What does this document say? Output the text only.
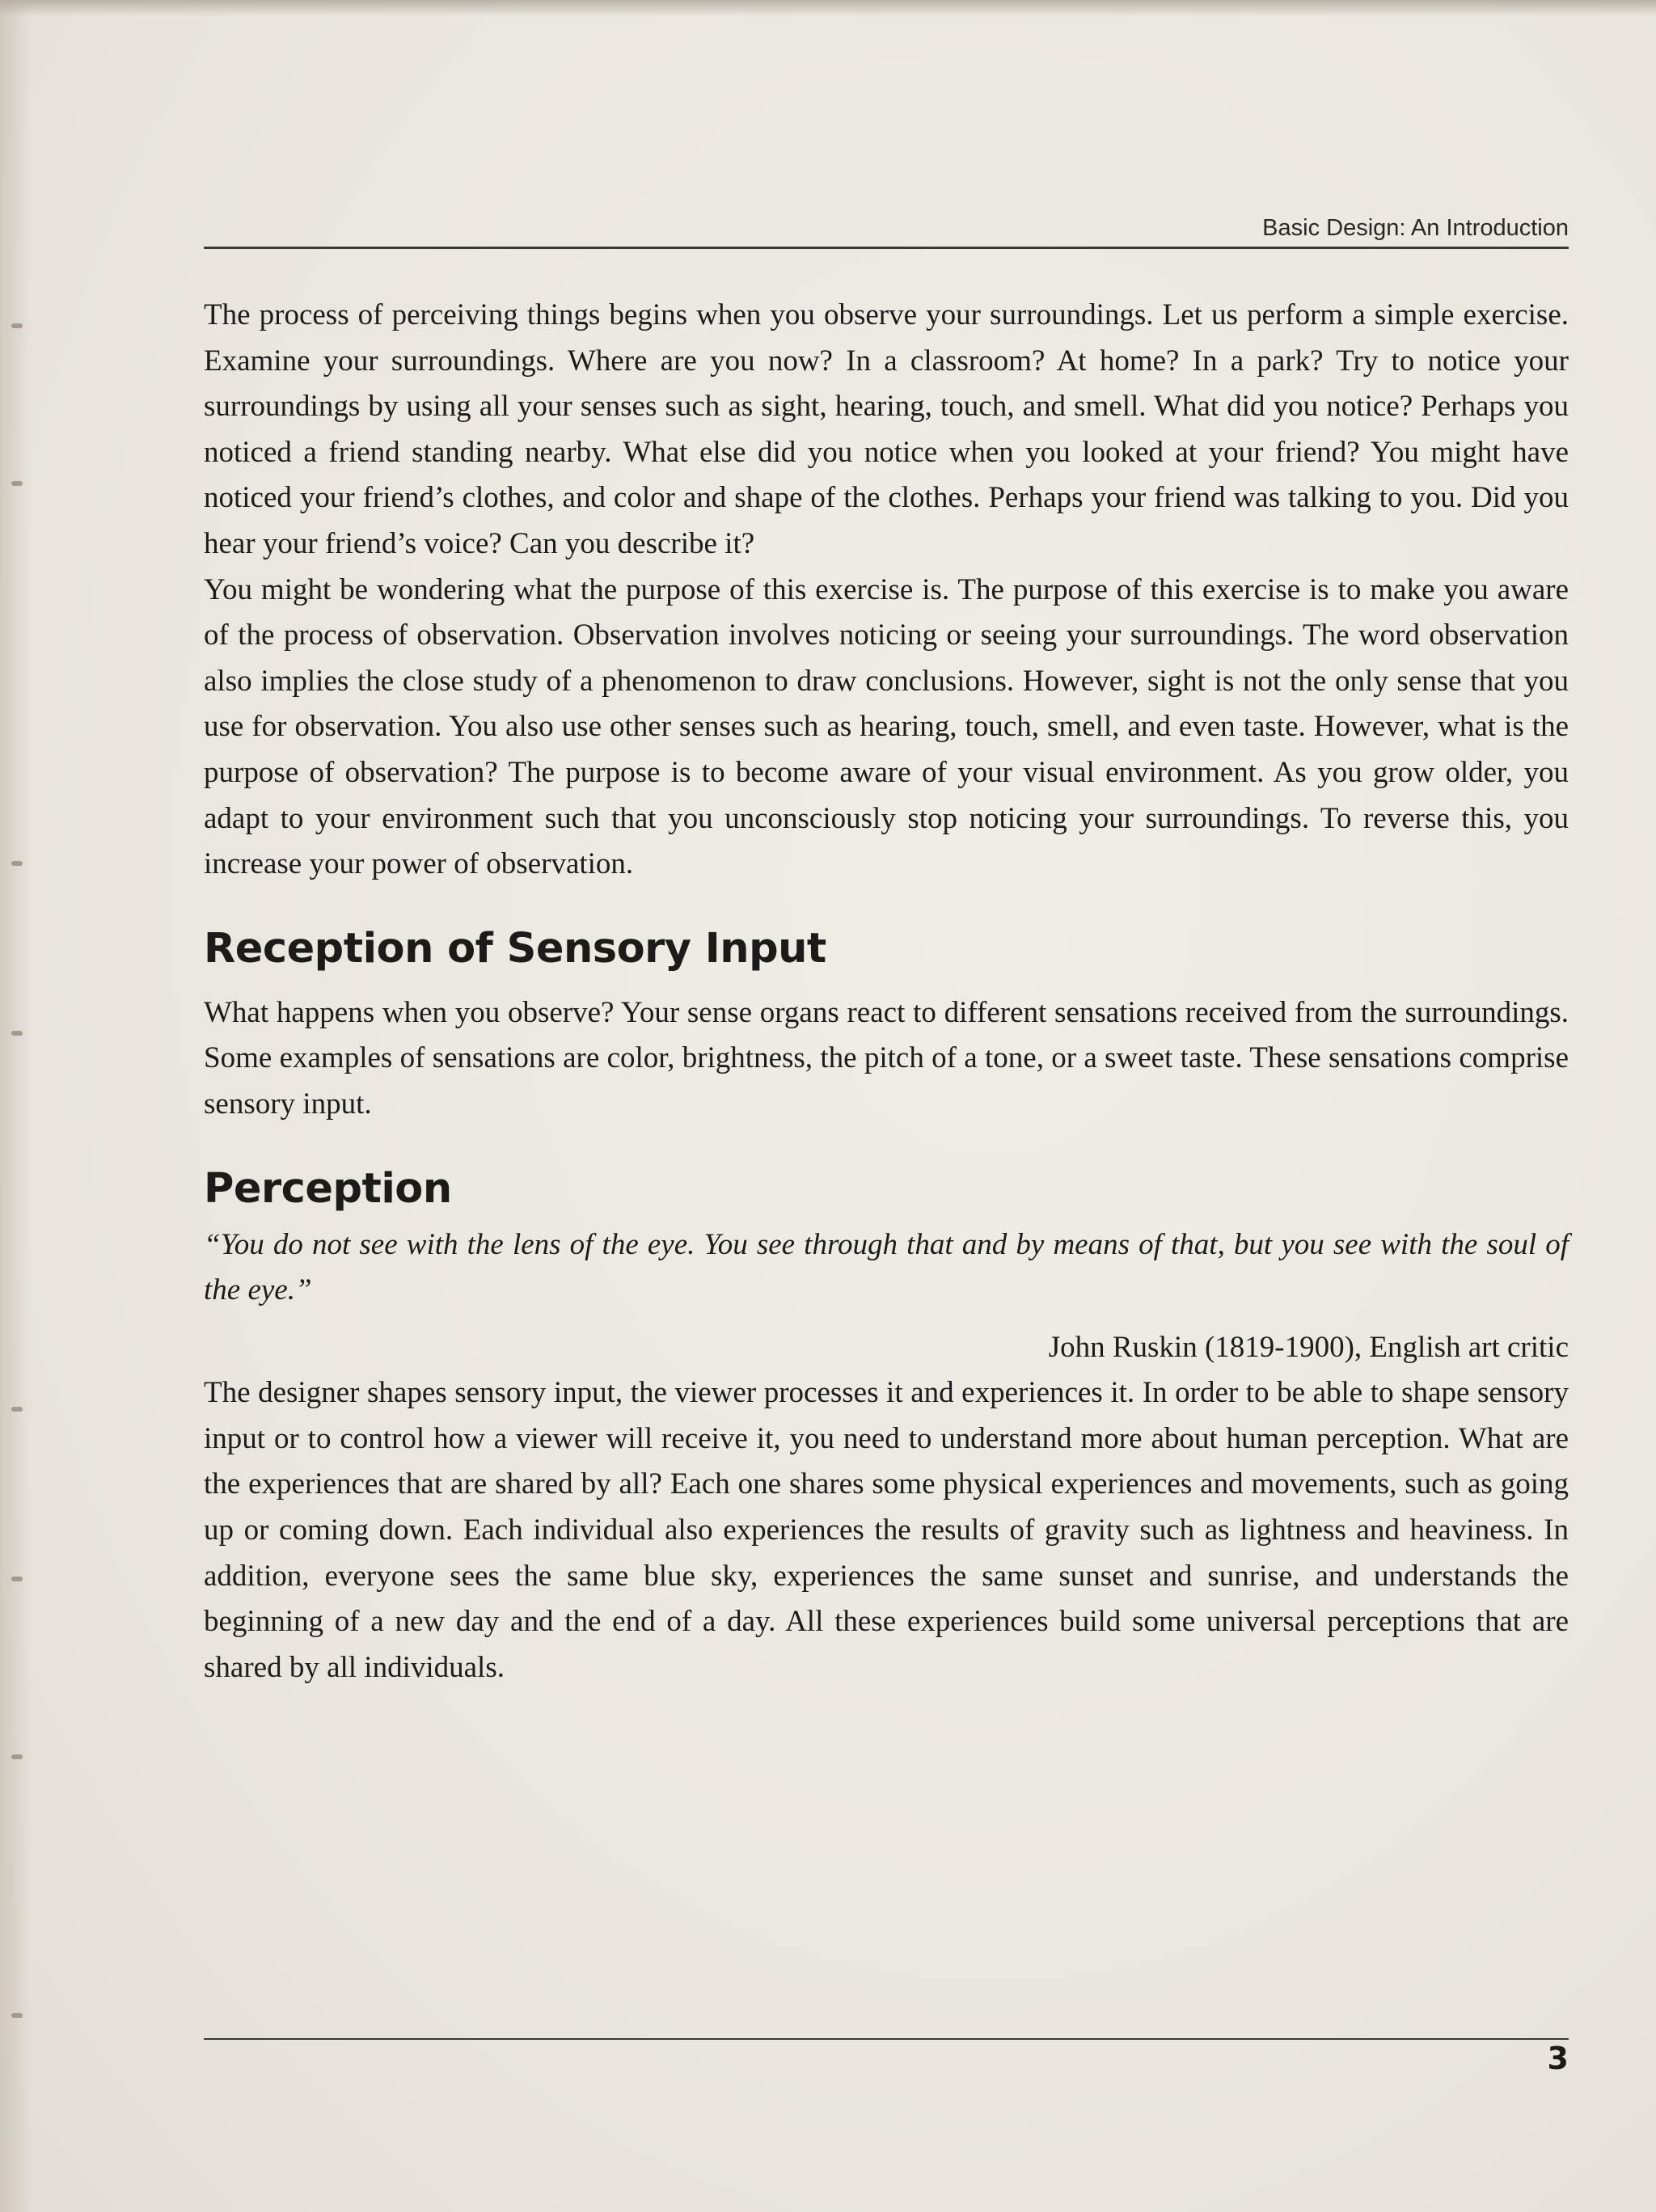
Basic Design: An Introduction

The process of perceiving things begins when you observe your surroundings. Let us perform a simple exercise. Examine your surroundings. Where are you now? In a classroom? At home? In a park? Try to notice your surroundings by using all your senses such as sight, hearing, touch, and smell. What did you notice? Perhaps you noticed a friend standing nearby. What else did you notice when you looked at your friend? You might have noticed your friend’s clothes, and color and shape of the clothes. Perhaps your friend was talking to you. Did you hear your friend’s voice? Can you describe it?

You might be wondering what the purpose of this exercise is. The purpose of this exercise is to make you aware of the process of observation. Observation involves noticing or seeing your surroundings. The word observation also implies the close study of a phenomenon to draw conclusions. However, sight is not the only sense that you use for observation. You also use other senses such as hearing, touch, smell, and even taste. However, what is the purpose of observation? The purpose is to become aware of your visual environment. As you grow older, you adapt to your environment such that you unconsciously stop noticing your surroundings. To reverse this, you increase your power of observation.

Reception of Sensory Input

What happens when you observe? Your sense organs react to different sensations received from the surroundings. Some examples of sensations are color, brightness, the pitch of a tone, or a sweet taste. These sensations comprise sensory input.

Perception
“You do not see with the lens of the eye. You see through that and by means of that, but you see with the soul of the eye.”
John Ruskin (1819-1900), English art critic

The designer shapes sensory input, the viewer processes it and experiences it. In order to be able to shape sensory input or to control how a viewer will receive it, you need to understand more about human perception. What are the experiences that are shared by all? Each one shares some physical experiences and movements, such as going up or coming down. Each individual also experiences the results of gravity such as lightness and heaviness. In addition, everyone sees the same blue sky, experiences the same sunset and sunrise, and understands the beginning of a new day and the end of a day. All these experiences build some universal perceptions that are shared by all individuals.

3
